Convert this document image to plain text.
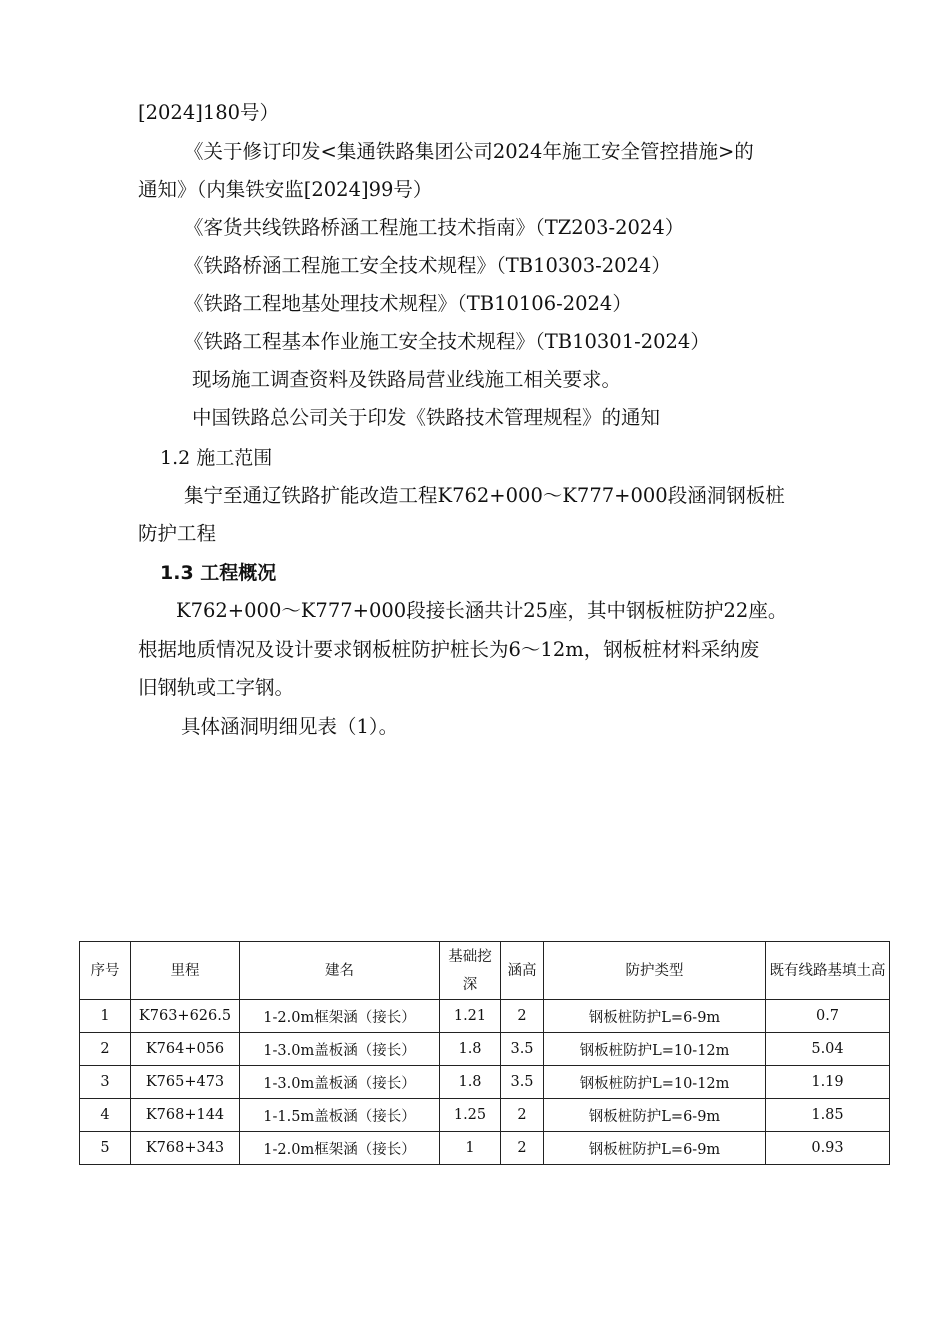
[2024]180号）
《关于修订印发<集通铁路集团公司2024年施工安全管控措施>的
通知》（内集铁安监[2024]99号）
《客货共线铁路桥涵工程施工技术指南》（TZ203-2024）
《铁路桥涵工程施工安全技术规程》（TB10303-2024）
《铁路工程地基处理技术规程》（TB10106-2024）
《铁路工程基本作业施工安全技术规程》（TB10301-2024）
现场施工调查资料及铁路局营业线施工相关要求。
中国铁路总公司关于印发《铁路技术管理规程》的通知
1.2 施工范围
集宁至通辽铁路扩能改造工程K762+000～K777+000段涵洞钢板桩
防护工程
1.3 工程概况
K762+000～K777+000段接长涵共计25座，其中钢板桩防护22座。
根据地质情况及设计要求钢板桩防护桩长为6～12m，钢板桩材料采纳废
旧钢轨或工字钢。
具体涵洞明细见表（1）。
序号	里程	建名	基础挖深	涵高	防护类型	既有线路基填土高
1	K763+626.5	1-2.0m框架涵（接长）	1.21	2	钢板桩防护L=6-9m	0.7
2	K764+056	1-3.0m盖板涵（接长）	1.8	3.5	钢板桩防护L=10-12m	5.04
3	K765+473	1-3.0m盖板涵（接长）	1.8	3.5	钢板桩防护L=10-12m	1.19
4	K768+144	1-1.5m盖板涵（接长）	1.25	2	钢板桩防护L=6-9m	1.85
5	K768+343	1-2.0m框架涵（接长）	1	2	钢板桩防护L=6-9m	0.93
